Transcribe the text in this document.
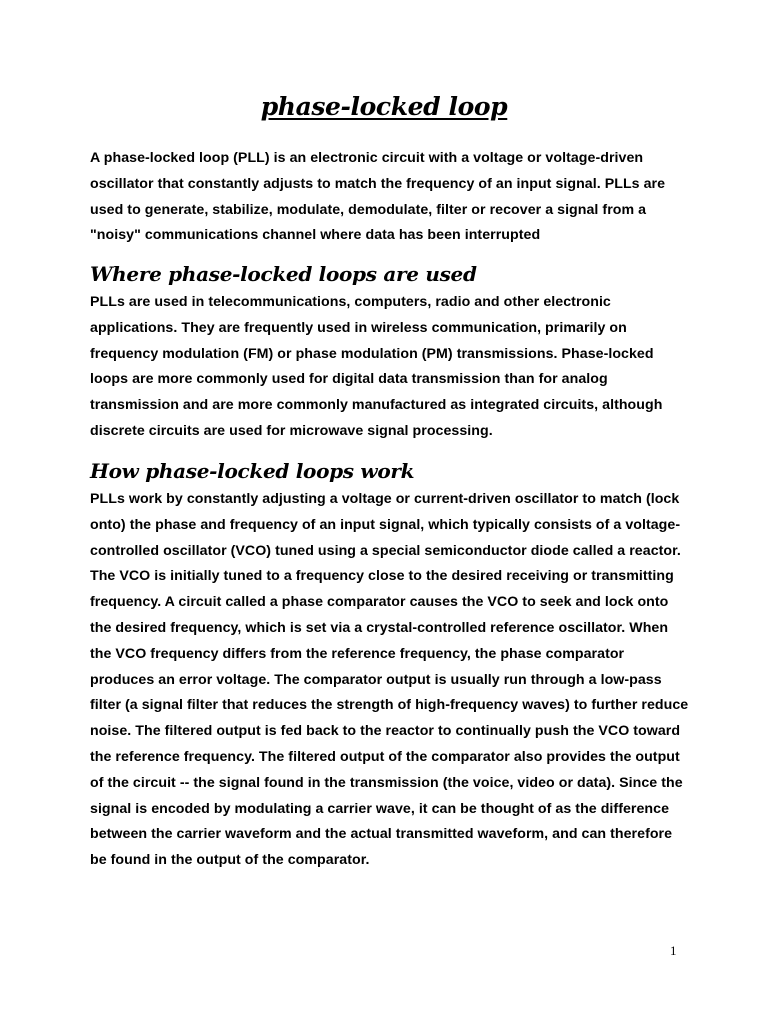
phase-locked loop

A phase-locked loop (PLL) is an electronic circuit with a voltage or voltage-driven oscillator that constantly adjusts to match the frequency of an input signal. PLLs are used to generate, stabilize, modulate, demodulate, filter or recover a signal from a "noisy" communications channel where data has been interrupted

Where phase-locked loops are used

PLLs are used in telecommunications, computers, radio and other electronic applications. They are frequently used in wireless communication, primarily on frequency modulation (FM) or phase modulation (PM) transmissions. Phase-locked loops are more commonly used for digital data transmission than for analog transmission and are more commonly manufactured as integrated circuits, although discrete circuits are used for microwave signal processing.

How phase-locked loops work

PLLs work by constantly adjusting a voltage or current-driven oscillator to match (lock onto) the phase and frequency of an input signal, which typically consists of a voltage-controlled oscillator (VCO) tuned using a special semiconductor diode called a reactor. The VCO is initially tuned to a frequency close to the desired receiving or transmitting frequency. A circuit called a phase comparator causes the VCO to seek and lock onto the desired frequency, which is set via a crystal-controlled reference oscillator. When the VCO frequency differs from the reference frequency, the phase comparator produces an error voltage. The comparator output is usually run through a low-pass filter (a signal filter that reduces the strength of high-frequency waves) to further reduce noise. The filtered output is fed back to the reactor to continually push the VCO toward the reference frequency. The filtered output of the comparator also provides the output of the circuit -- the signal found in the transmission (the voice, video or data). Since the signal is encoded by modulating a carrier wave, it can be thought of as the difference between the carrier waveform and the actual transmitted waveform, and can therefore be found in the output of the comparator.

1
